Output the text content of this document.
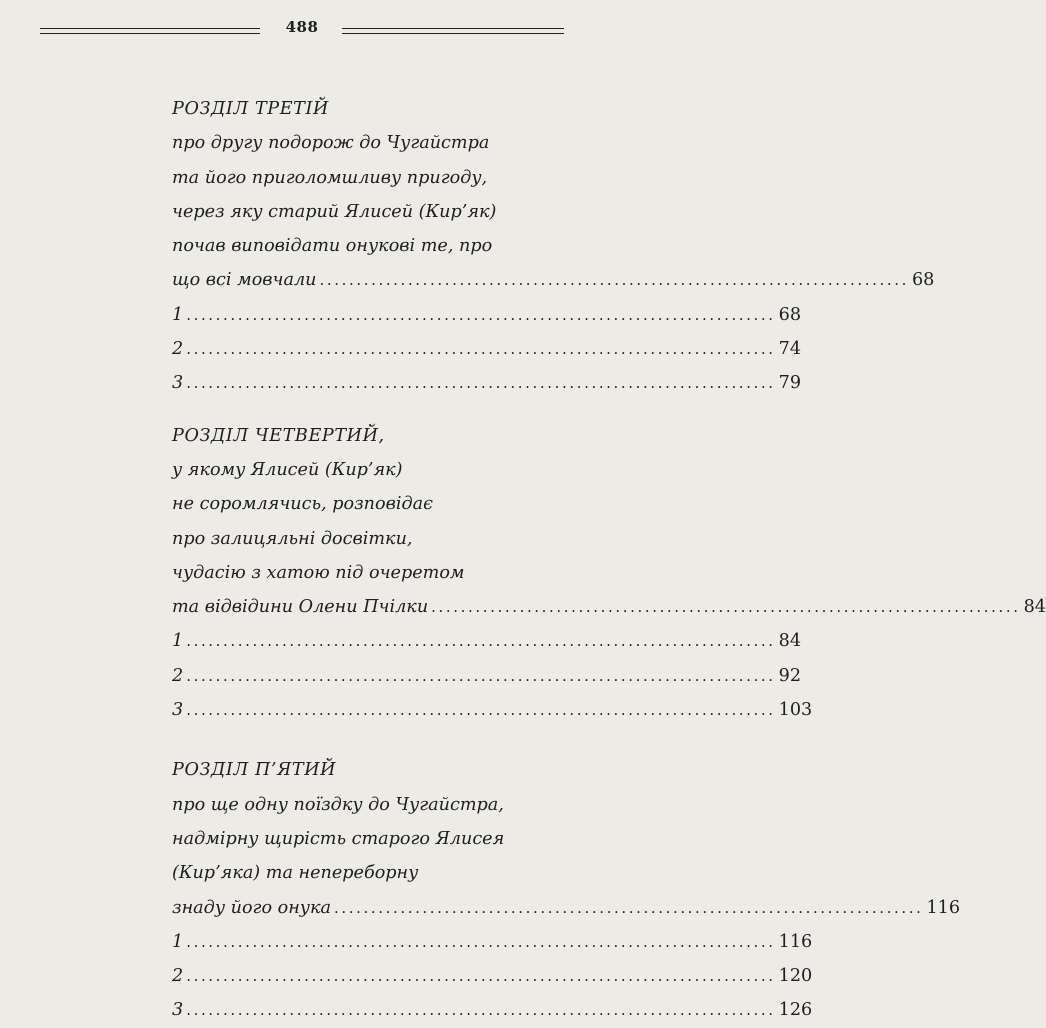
488
РОЗДІЛ ТРЕТІЙ
про другу подорож до Чугайстра
та його приголомшливу пригоду,
через яку старий Ялисей (Кир’як)
почав виповідати онукові те, про
що всі мовчали ................................................................................ 68
1 ................................................................................ 68
2 ................................................................................ 74
3 ................................................................................ 79
РОЗДІЛ ЧЕТВЕРТИЙ,
у якому Ялисей (Кир’як)
не соромлячись, розповідає
про залицяльні досвітки,
чудасію з хатою під очеретом
та відвідини Олени Пчілки ................................................................................ 84
1 ................................................................................ 84
2 ................................................................................ 92
3 ................................................................................ 103
РОЗДІЛ П’ЯТИЙ
про ще одну поїздку до Чугайстра,
надмірну щирість старого Ялисея
(Кир’яка) та непереборну
знаду його онука ................................................................................ 116
1 ................................................................................ 116
2 ................................................................................ 120
3 ................................................................................ 126
